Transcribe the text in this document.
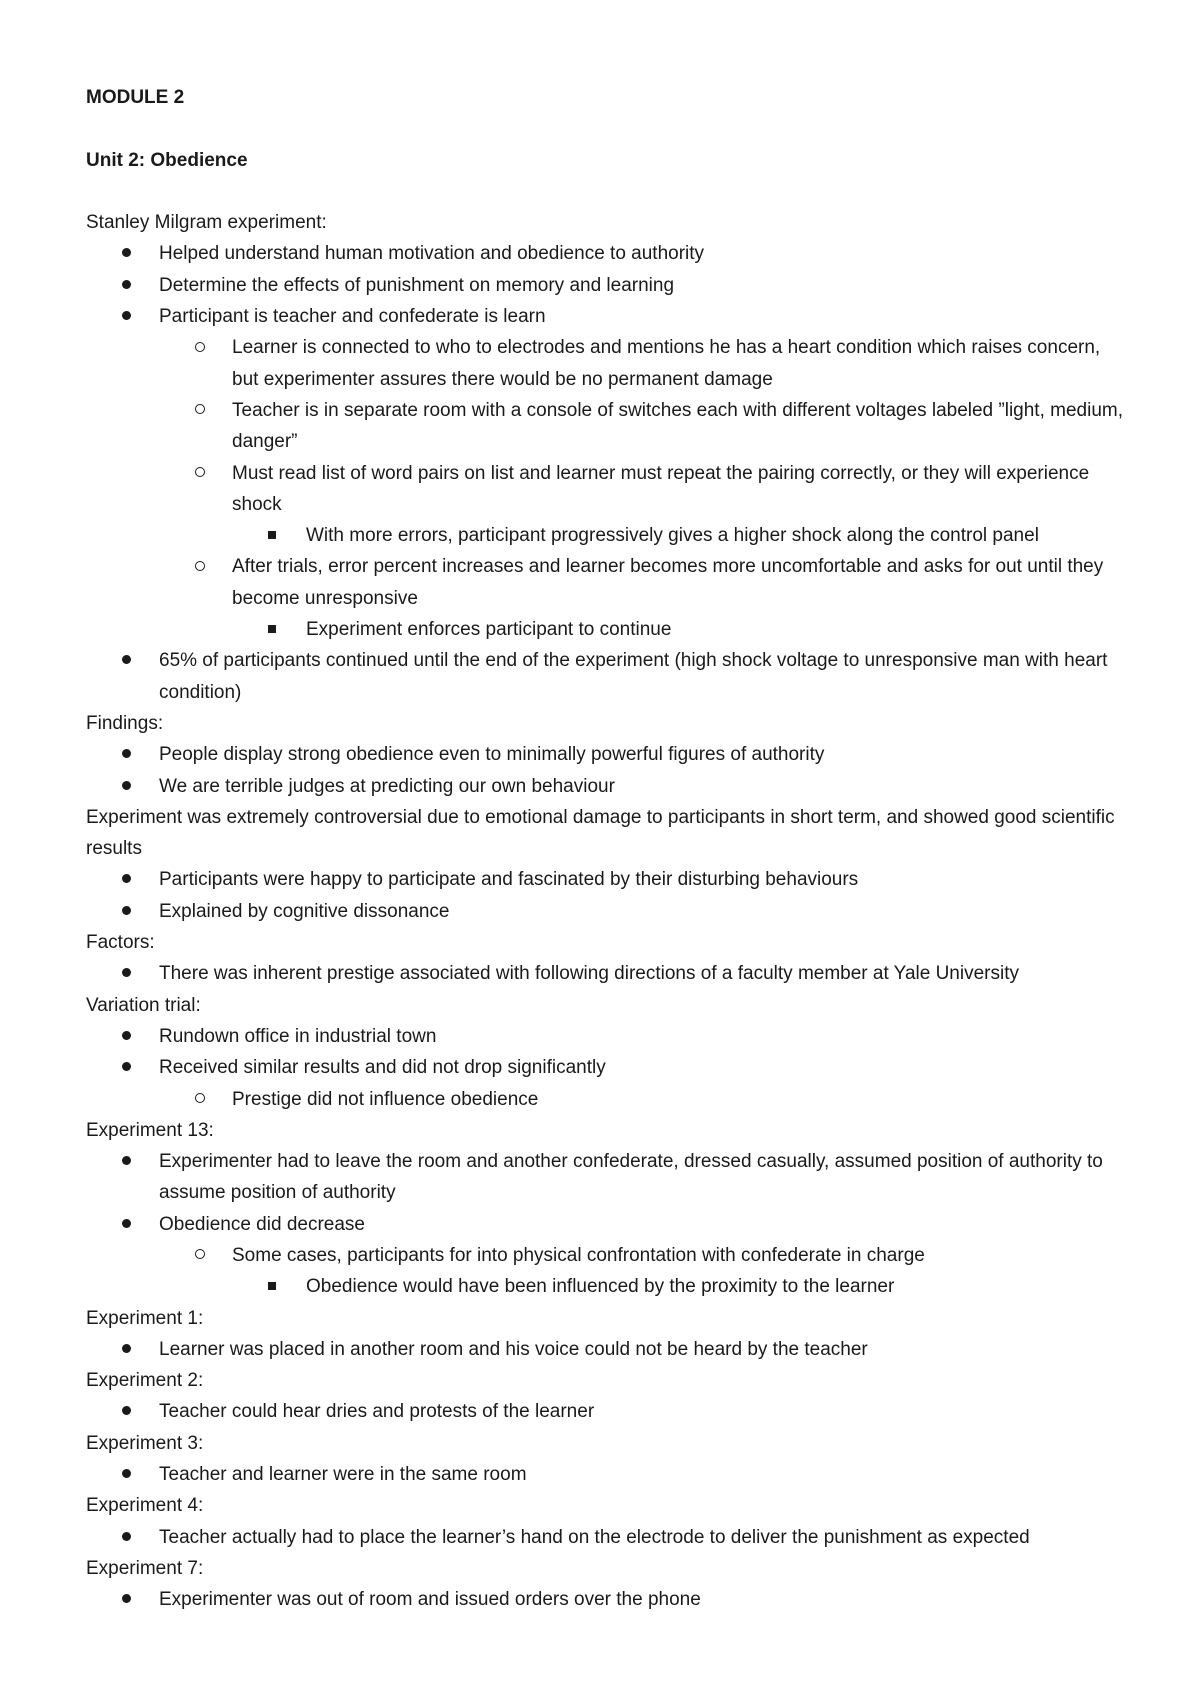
MODULE 2

Unit 2: Obedience

Stanley Milgram experiment:

Helped understand human motivation and obedience to authority
Determine the effects of punishment on memory and learning
Participant is teacher and confederate is learn
Learner is connected to who to electrodes and mentions he has a heart condition which raises concern, but experimenter assures there would be no permanent damage
Teacher is in separate room with a console of switches each with different voltages labeled ”light, medium, danger”
Must read list of word pairs on list and learner must repeat the pairing correctly, or they will experience shock
With more errors, participant progressively gives a higher shock along the control panel
After trials, error percent increases and learner becomes more uncomfortable and asks for out until they become unresponsive
Experiment enforces participant to continue
65% of participants continued until the end of the experiment (high shock voltage to unresponsive man with heart condition)

Findings:

People display strong obedience even to minimally powerful figures of authority
We are terrible judges at predicting our own behaviour

Experiment was extremely controversial due to emotional damage to participants in short term, and showed good scientific results

Participants were happy to participate and fascinated by their disturbing behaviours
Explained by cognitive dissonance

Factors:

There was inherent prestige associated with following directions of a faculty member at Yale University

Variation trial:

Rundown office in industrial town
Received similar results and did not drop significantly
Prestige did not influence obedience

Experiment 13:

Experimenter had to leave the room and another confederate, dressed casually, assumed position of authority to assume position of authority
Obedience did decrease
Some cases, participants for into physical confrontation with confederate in charge
Obedience would have been influenced by the proximity to the learner

Experiment 1:

Learner was placed in another room and his voice could not be heard by the teacher

Experiment 2:

Teacher could hear dries and protests of the learner

Experiment 3:

Teacher and learner were in the same room

Experiment 4:

Teacher actually had to place the learner’s hand on the electrode to deliver the punishment as expected

Experiment 7:

Experimenter was out of room and issued orders over the phone
